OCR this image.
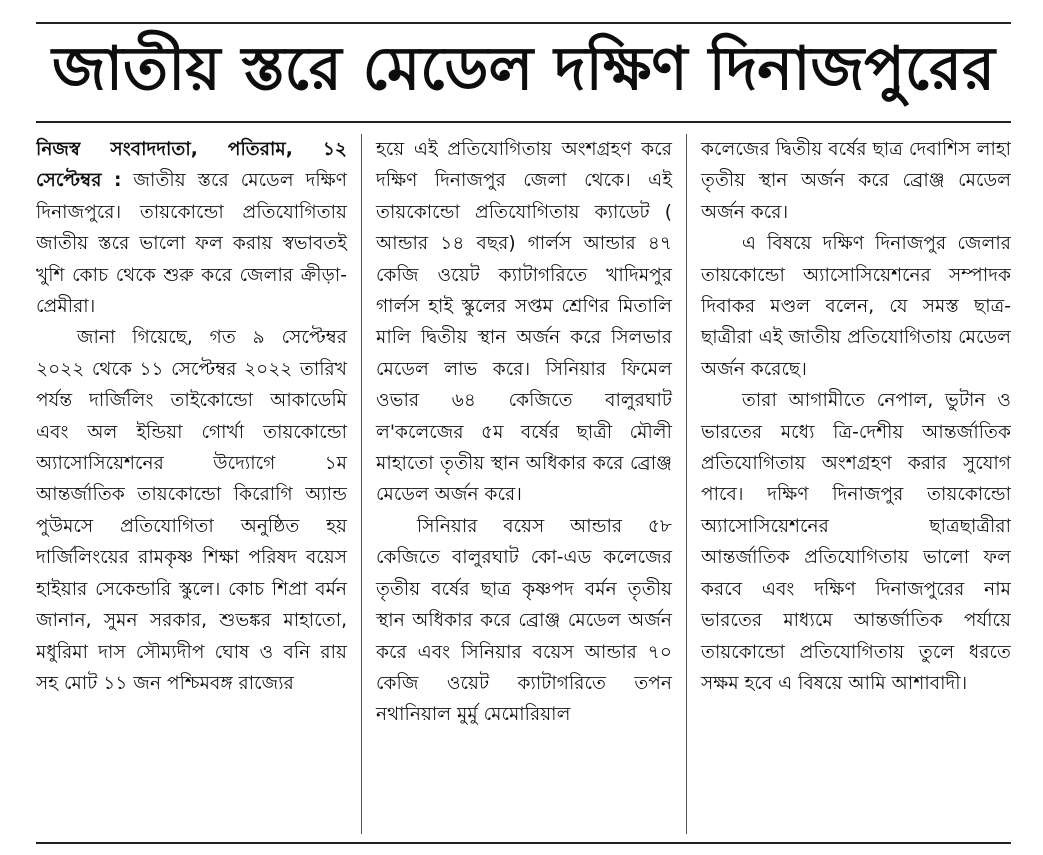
জাতীয় স্তরে মেডেল দক্ষিণ দিনাজপুরের

নিজস্ব সংবাদদাতা, পতিরাম, ১২ সেপ্টেম্বর : জাতীয় স্তরে মেডেল দক্ষিণ দিনাজপুরে। তায়কোন্ডো প্রতিযোগিতায় জাতীয় স্তরে ভালো ফল করায় স্বভাবতই খুশি কোচ থেকে শুরু করে জেলার ক্রীড়া-প্রেমীরা।

জানা গিয়েছে, গত ৯ সেপ্টেম্বর ২০২২ থেকে ১১ সেপ্টেম্বর ২০২২ তারিখ পর্যন্ত দার্জিলিং তাইকোন্ডো আকাডেমি এবং অল ইন্ডিয়া গোর্খা তায়কোন্ডো অ্যাসোসিয়েশনের উদ্যোগে ১ম আন্তর্জাতিক তায়কোন্ডো কিরোগি অ্যান্ড পুউমসে প্রতিযোগিতা অনুষ্ঠিত হয় দার্জিলিংয়ের রামকৃষ্ণ শিক্ষা পরিষদ বয়েস হাইয়ার সেকেন্ডারি স্কুলে। কোচ শিপ্রা বর্মন জানান, সুমন সরকার, শুভঙ্কর মাহাতো, মধুরিমা দাস সৌম্যদীপ ঘোষ ও বনি রায় সহ মোট ১১ জন পশ্চিমবঙ্গ রাজ্যের

হয়ে এই প্রতিযোগিতায় অংশগ্রহণ করে দক্ষিণ দিনাজপুর জেলা থেকে। এই তায়কোন্ডো প্রতিযোগিতায় ক্যাডেট ( আন্ডার ১৪ বছর) গার্লস আন্ডার ৪৭ কেজি ওয়েট ক্যাটাগরিতে খাদিমপুর গার্লস হাই স্কুলের সপ্তম শ্রেণির মিতালি মালি দ্বিতীয় স্থান অর্জন করে সিলভার মেডেল লাভ করে। সিনিয়ার ফিমেল ওভার ৬৪ কেজিতে বালুরঘাট ল'কলেজের ৫ম বর্ষের ছাত্রী মৌলী মাহাতো তৃতীয় স্থান অধিকার করে ব্রোঞ্জ মেডেল অর্জন করে।

সিনিয়ার বয়েস আন্ডার ৫৮ কেজিতে বালুরঘাট কো-এড কলেজের তৃতীয় বর্ষের ছাত্র কৃষ্ণপদ বর্মন তৃতীয় স্থান অধিকার করে ব্রোঞ্জ মেডেল অর্জন করে এবং সিনিয়ার বয়েস আন্ডার ৭০ কেজি ওয়েট ক্যাটাগরিতে তপন নথানিয়াল মুর্মু মেমোরিয়াল

কলেজের দ্বিতীয় বর্ষের ছাত্র দেবাশিস লাহা তৃতীয় স্থান অর্জন করে ব্রোঞ্জ মেডেল অর্জন করে।

এ বিষয়ে দক্ষিণ দিনাজপুর জেলার তায়কোন্ডো অ্যাসোসিয়েশনের সম্পাদক দিবাকর মণ্ডল বলেন, যে সমস্ত ছাত্র-ছাত্রীরা এই জাতীয় প্রতিযোগিতায় মেডেল অর্জন করেছে।

তারা আগামীতে নেপাল, ভুটান ও ভারতের মধ্যে ত্রি-দেশীয় আন্তর্জাতিক প্রতিযোগিতায় অংশগ্রহণ করার সুযোগ পাবে। দক্ষিণ দিনাজপুর তায়কোন্ডো অ্যাসোসিয়েশনের ছাত্রছাত্রীরা আন্তর্জাতিক প্রতিযোগিতায় ভালো ফল করবে এবং দক্ষিণ দিনাজপুরের নাম ভারতের মাধ্যমে আন্তর্জাতিক পর্যায়ে তায়কোন্ডো প্রতিযোগিতায় তুলে ধরতে সক্ষম হবে এ বিষয়ে আমি আশাবাদী।
